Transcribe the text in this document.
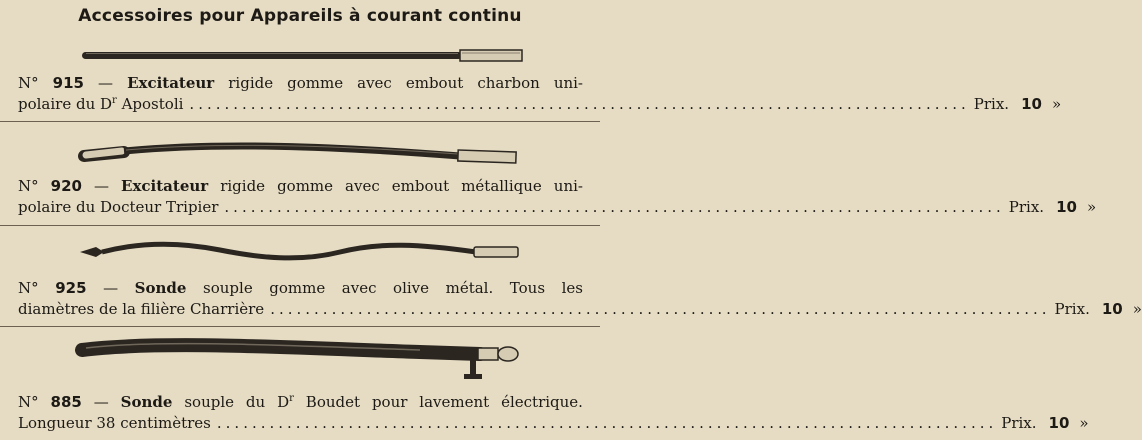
Accessoires pour Appareils à courant continu
N° 915 — Excitateur rigide gomme avec embout charbon uni-
polaire du $D^r$ Apostoli ......................................................................................... Prix. 10 »
N° 920 — Excitateur rigide gomme avec embout métallique uni-
polaire du Docteur Tripier ......................................................................................... Prix. 10 »
N° 925 — Sonde souple gomme avec olive métal. Tous les
diamètres de la filière Charrière ......................................................................................... Prix. 10 »
N° 885 — Sonde souple du $D^r$ Boudet pour lavement électrique.
Longueur 38 centimètres ......................................................................................... Prix. 10 »
